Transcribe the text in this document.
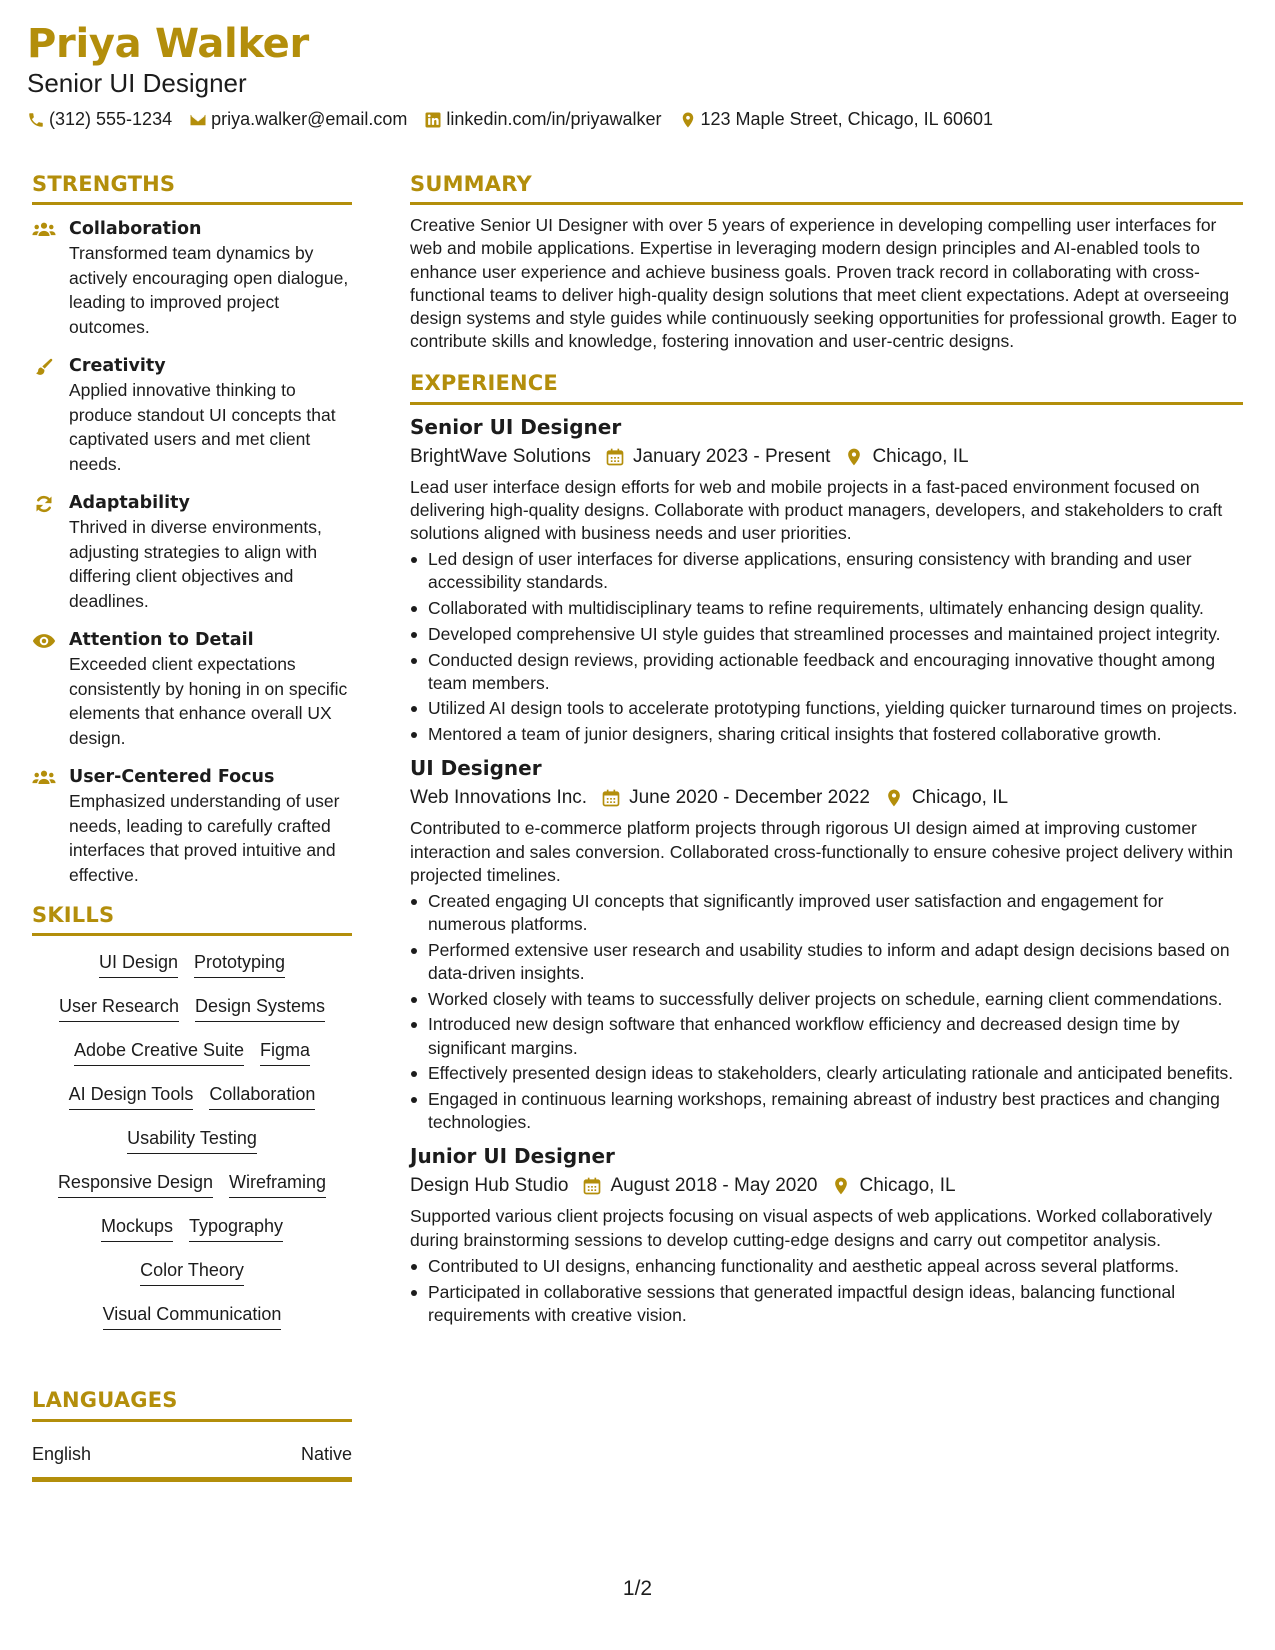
Priya Walker
Senior UI Designer
(312) 555-1234 priya.walker@email.com linkedin.com/in/priyawalker 123 Maple Street, Chicago, IL 60601
STRENGTHS
Collaboration
Transformed team dynamics by actively encouraging open dialogue, leading to improved project outcomes.
Creativity
Applied innovative thinking to produce standout UI concepts that captivated users and met client needs.
Adaptability
Thrived in diverse environments, adjusting strategies to align with differing client objectives and deadlines.
Attention to Detail
Exceeded client expectations consistently by honing in on specific elements that enhance overall UX design.
User-Centered Focus
Emphasized understanding of user needs, leading to carefully crafted interfaces that proved intuitive and effective.
SKILLS
UI Design Prototyping
User Research Design Systems
Adobe Creative Suite Figma
AI Design Tools Collaboration
Usability Testing
Responsive Design Wireframing
Mockups Typography
Color Theory
Visual Communication
LANGUAGES
English	Native
SUMMARY
Creative Senior UI Designer with over 5 years of experience in developing compelling user interfaces for web and mobile applications. Expertise in leveraging modern design principles and AI-enabled tools to enhance user experience and achieve business goals. Proven track record in collaborating with cross-functional teams to deliver high-quality design solutions that meet client expectations. Adept at overseeing design systems and style guides while continuously seeking opportunities for professional growth. Eager to contribute skills and knowledge, fostering innovation and user-centric designs.
EXPERIENCE
Senior UI Designer
BrightWave Solutions January 2023 - Present Chicago, IL
Lead user interface design efforts for web and mobile projects in a fast-paced environment focused on delivering high-quality designs. Collaborate with product managers, developers, and stakeholders to craft solutions aligned with business needs and user priorities.
Led design of user interfaces for diverse applications, ensuring consistency with branding and user accessibility standards.
Collaborated with multidisciplinary teams to refine requirements, ultimately enhancing design quality.
Developed comprehensive UI style guides that streamlined processes and maintained project integrity.
Conducted design reviews, providing actionable feedback and encouraging innovative thought among team members.
Utilized AI design tools to accelerate prototyping functions, yielding quicker turnaround times on projects.
Mentored a team of junior designers, sharing critical insights that fostered collaborative growth.
UI Designer
Web Innovations Inc. June 2020 - December 2022 Chicago, IL
Contributed to e-commerce platform projects through rigorous UI design aimed at improving customer interaction and sales conversion. Collaborated cross-functionally to ensure cohesive project delivery within projected timelines.
Created engaging UI concepts that significantly improved user satisfaction and engagement for numerous platforms.
Performed extensive user research and usability studies to inform and adapt design decisions based on data-driven insights.
Worked closely with teams to successfully deliver projects on schedule, earning client commendations.
Introduced new design software that enhanced workflow efficiency and decreased design time by significant margins.
Effectively presented design ideas to stakeholders, clearly articulating rationale and anticipated benefits.
Engaged in continuous learning workshops, remaining abreast of industry best practices and changing technologies.
Junior UI Designer
Design Hub Studio August 2018 - May 2020 Chicago, IL
Supported various client projects focusing on visual aspects of web applications. Worked collaboratively during brainstorming sessions to develop cutting-edge designs and carry out competitor analysis.
Contributed to UI designs, enhancing functionality and aesthetic appeal across several platforms.
Participated in collaborative sessions that generated impactful design ideas, balancing functional requirements with creative vision.
1/2
